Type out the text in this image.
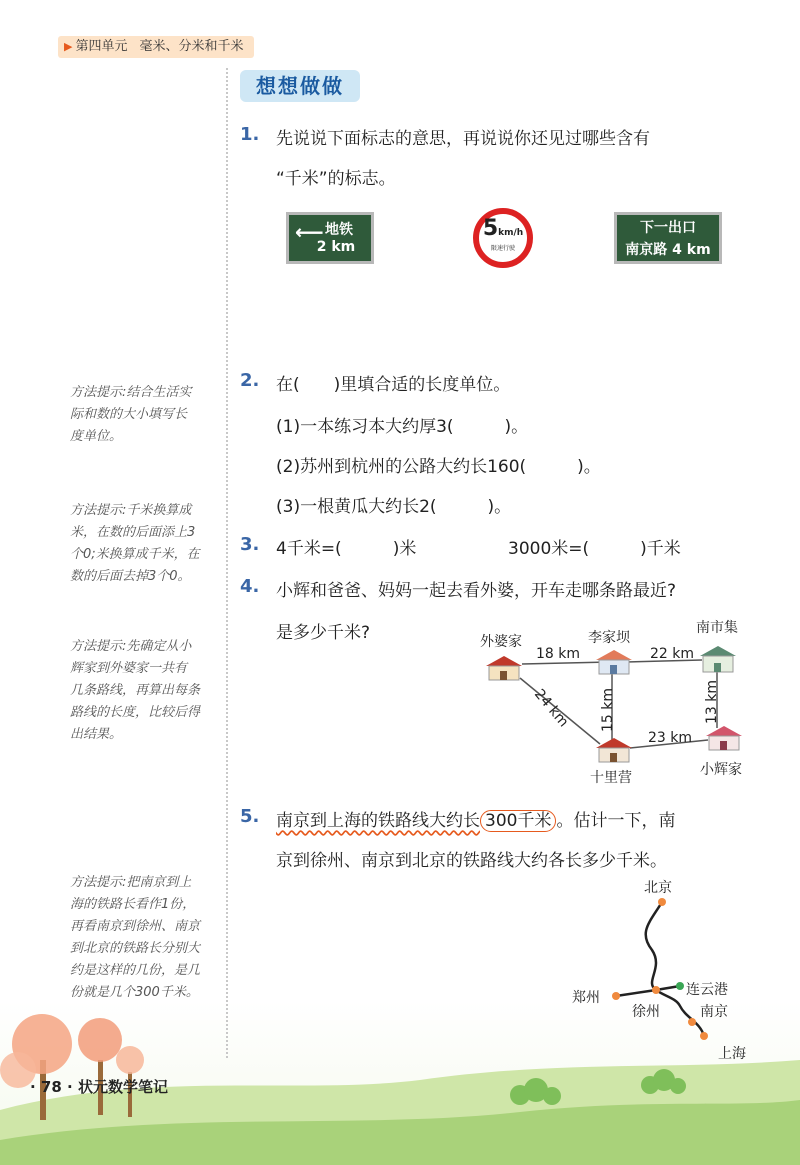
▶ 第四单元 毫米、分米和千米
想想做做
1. 先说说下面标志的意思，再说说你还见过哪些含有
“千米”的标志。
地铁
⟵
2 km
5km/h
限速行驶
下一出口
南京路 4 km
2. 在(　　)里填合适的长度单位。
(1)一本练习本大约厚3(　　　)。
(2)苏州到杭州的公路大约长160(　　　)。
(3)一根黄瓜大约长2(　　　)。
3. 4千米=(　　　)米	3000米=(　　　)千米
4. 小辉和爸爸、妈妈一起去看外婆，开车走哪条路最近?
是多少千米?	外婆家	李家坝
南市集
十里营	小辉家
18 km	22 km
24 km 15 km	13 km
23 km
5. 南京到上海的铁路线大约长 300千米 。估计一下，南
京到徐州、南京到北京的铁路线大约各长多少千米。
北京
郑州
徐州
连云港
南京
上海
方法提示:结合生活实
际和数的大小填写长
度单位。
方法提示:千米换算成
米，在数的后面添上3
个0;米换算成千米，在
数的后面去掉3个0。
方法提示:先确定从小
辉家到外婆家一共有
几条路线，再算出每条
路线的长度，比较后得
出结果。
方法提示:把南京到上
海的铁路长看作1份，
再看南京到徐州、南京
到北京的铁路长分别大
约是这样的几份，是几
份就是几个300千米。
· 78 · 状元数学笔记
